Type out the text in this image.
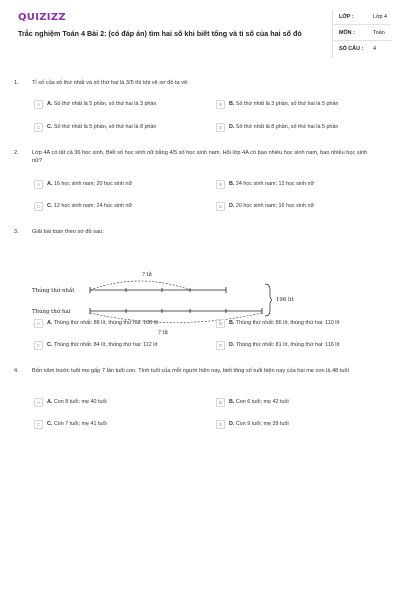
QUIZIZZ
Trắc nghiệm Toán 4 Bài 2: (có đáp án) tìm hai số khi biết tổng và tỉ số của hai số đó
LỚP :	Lớp 4
MÔN :	Toán
SỐ CÂU : 4
1. Tỉ số của số thứ nhất và số thứ hai là 3/5 thì khi vẽ sơ đồ ta vẽ:
A A. Số thứ nhất là 5 phần, số thứ hai là 3 phần	B B. Số thứ nhất là 3 phần, số thứ hai là 5 phần
C C. Số thứ nhất là 5 phần, số thứ hai là 8 phần	D D. Số thứ nhất là 8 phần, số thứ hai là 5 phần
2. Lớp 4A có tất cả 36 học sinh. Biết số học sinh nữ bằng 4/5 số học sinh nam. Hỏi lớp 4A có bao nhiêu học sinh nam, bao nhiêu học sinh nữ?
A A. 16 học sinh nam; 20 học sinh nữ	B B. 24 học sinh nam; 12 học sinh nữ
C C. 12 học sinh nam; 24 học sinh nữ	D D. 20 học sinh nam; 16 học sinh nữ
3. Giải bài toán theo sơ đồ sau:
? lít
Thùng thứ nhất
Thùng thứ hai
? lít
196 lít
A A. Thùng thứ nhất: 88 lít, thùng thứ hai: 108 lít	B B. Thùng thứ nhất: 86 lít, thùng thứ hai: 110 lít
C C. Thùng thứ nhất: 84 lít, thùng thứ hai: 112 lít	D D. Thùng thứ nhất: 81 lít, thùng thứ hai: 116 lít
4. Bốn năm trước tuổi mẹ gấp 7 lần tuổi con. Tính tuổi của mỗi người hiện nay, biết tổng số tuổi hiện nay của hai mẹ con là 48 tuổi
A A. Con 8 tuổi; mẹ 40 tuổi	B B. Con 6 tuổi; mẹ 42 tuổi
C C. Con 7 tuổi; mẹ 41 tuổi	D D. Con 9 tuổi; mẹ 39 tuổi
